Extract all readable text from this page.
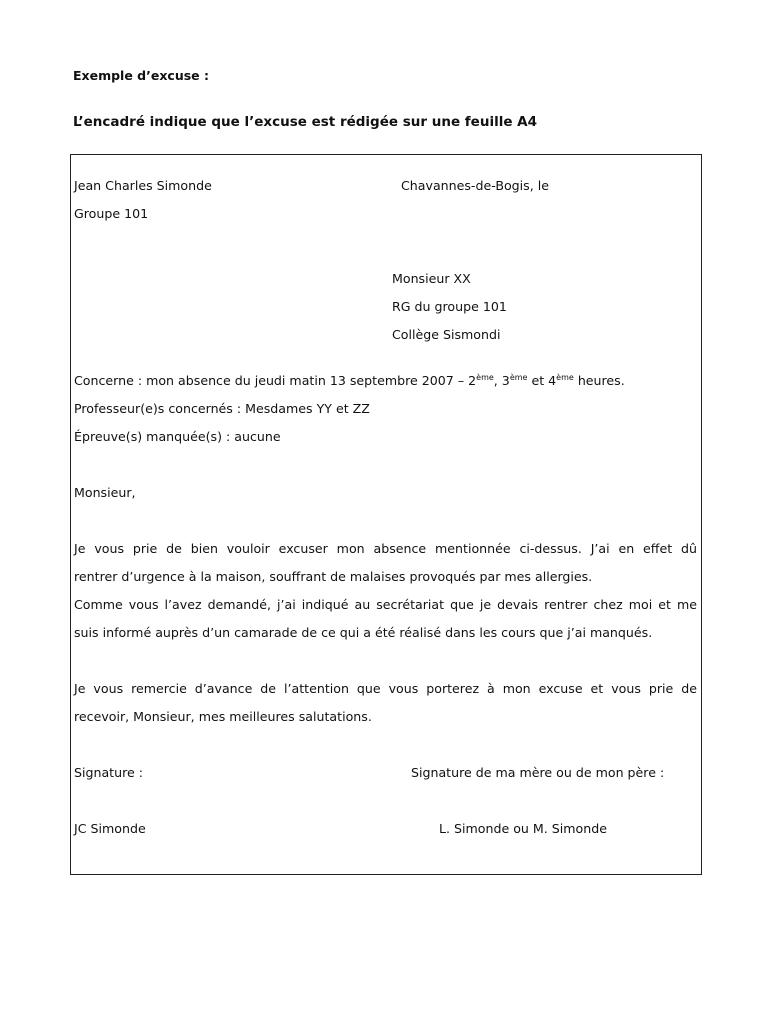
Exemple d’excuse :
L’encadré indique que l’excuse est rédigée sur une feuille A4
Jean Charles Simonde	Chavannes-de-Bogis, le
Groupe 101
Monsieur XX
RG du groupe 101
Collège Sismondi
Concerne : mon absence du jeudi matin 13 septembre 2007 – 2ème, 3ème et 4ème heures.
Professeur(e)s concernés : Mesdames YY et ZZ
Épreuve(s) manquée(s) : aucune
Monsieur,
Je vous prie de bien vouloir excuser mon absence mentionnée ci-dessus. J’ai en effet dû
rentrer d’urgence à la maison, souffrant de malaises provoqués par mes allergies.
Comme vous l’avez demandé, j’ai indiqué au secrétariat que je devais rentrer chez moi et me
suis informé auprès d’un camarade de ce qui a été réalisé dans les cours que j’ai manqués.
Je vous remercie d’avance de l’attention que vous porterez à mon excuse et vous prie de
recevoir, Monsieur, mes meilleures salutations.
Signature :	Signature de ma mère ou de mon père :
JC Simonde	L. Simonde ou M. Simonde
